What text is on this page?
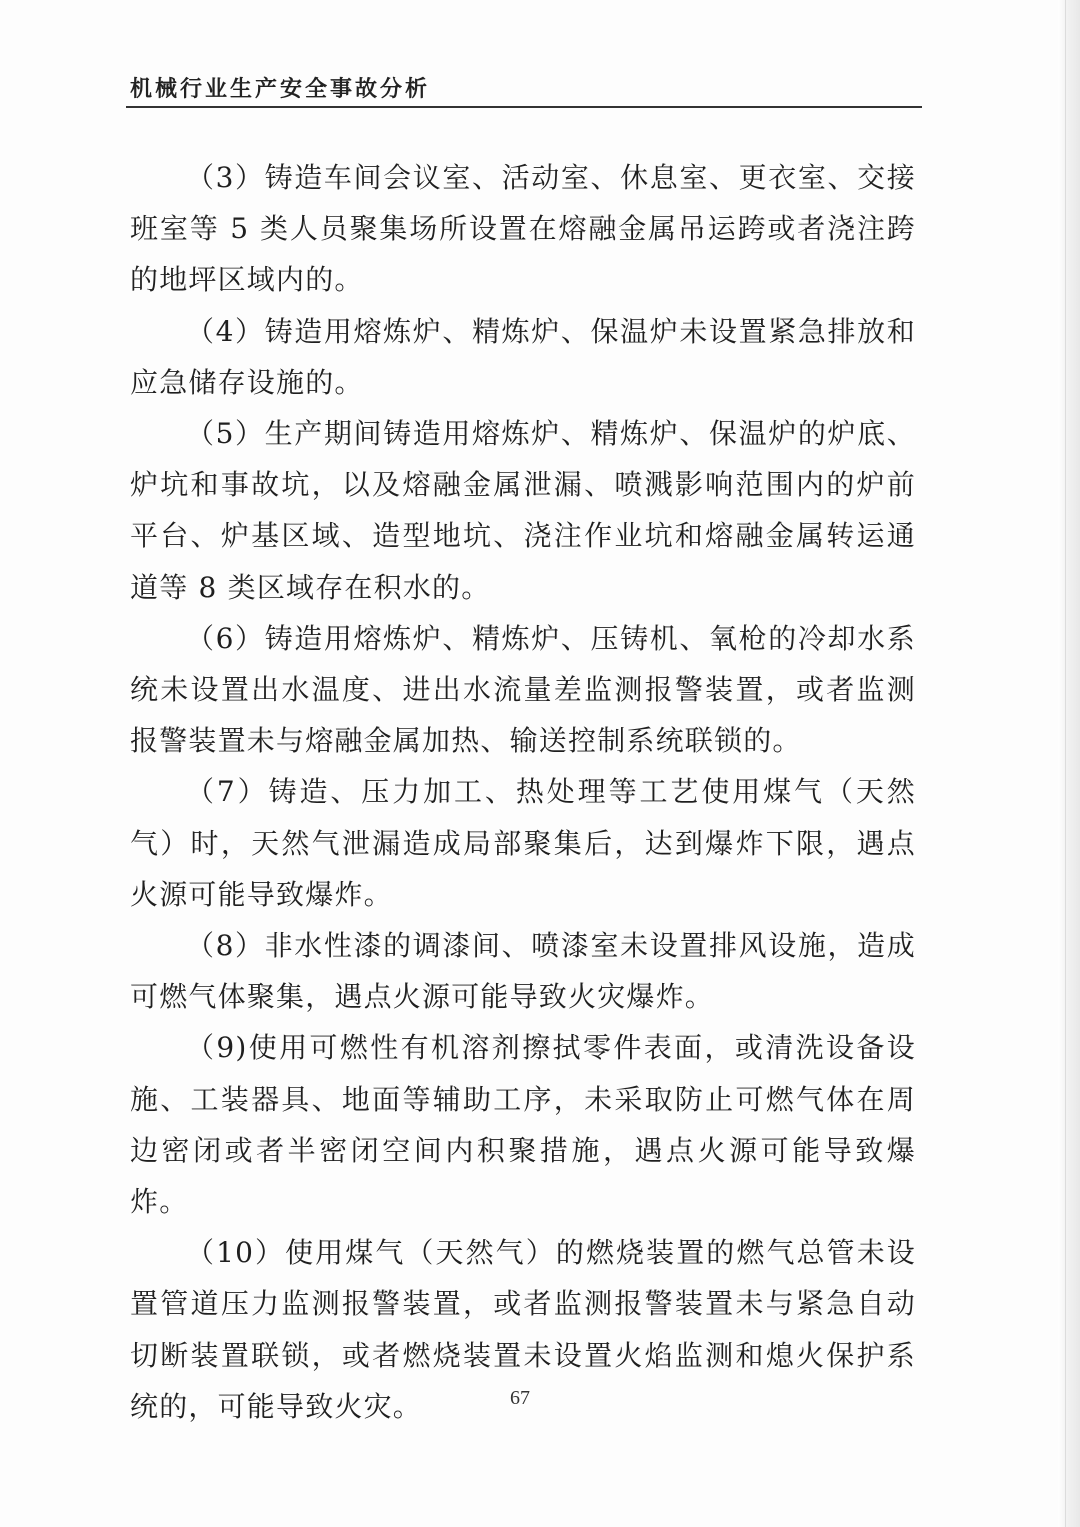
机械行业生产安全事故分析

（3）铸造车间会议室、活动室、休息室、更衣室、交接班室等 5 类人员聚集场所设置在熔融金属吊运跨或者浇注跨的地坪区域内的。

（4）铸造用熔炼炉、精炼炉、保温炉未设置紧急排放和应急储存设施的。

（5）生产期间铸造用熔炼炉、精炼炉、保温炉的炉底、炉坑和事故坑，以及熔融金属泄漏、喷溅影响范围内的炉前平台、炉基区域、造型地坑、浇注作业坑和熔融金属转运通道等 8 类区域存在积水的。

（6）铸造用熔炼炉、精炼炉、压铸机、氧枪的冷却水系统未设置出水温度、进出水流量差监测报警装置，或者监测报警装置未与熔融金属加热、输送控制系统联锁的。

（7）铸造、压力加工、热处理等工艺使用煤气（天然气）时，天然气泄漏造成局部聚集后，达到爆炸下限，遇点火源可能导致爆炸。

（8）非水性漆的调漆间、喷漆室未设置排风设施，造成可燃气体聚集，遇点火源可能导致火灾爆炸。

（9)使用可燃性有机溶剂擦拭零件表面，或清洗设备设施、工装器具、地面等辅助工序，未采取防止可燃气体在周边密闭或者半密闭空间内积聚措施，遇点火源可能导致爆炸。

（10）使用煤气（天然气）的燃烧装置的燃气总管未设置管道压力监测报警装置，或者监测报警装置未与紧急自动切断装置联锁，或者燃烧装置未设置火焰监测和熄火保护系统的，可能导致火灾。	67
